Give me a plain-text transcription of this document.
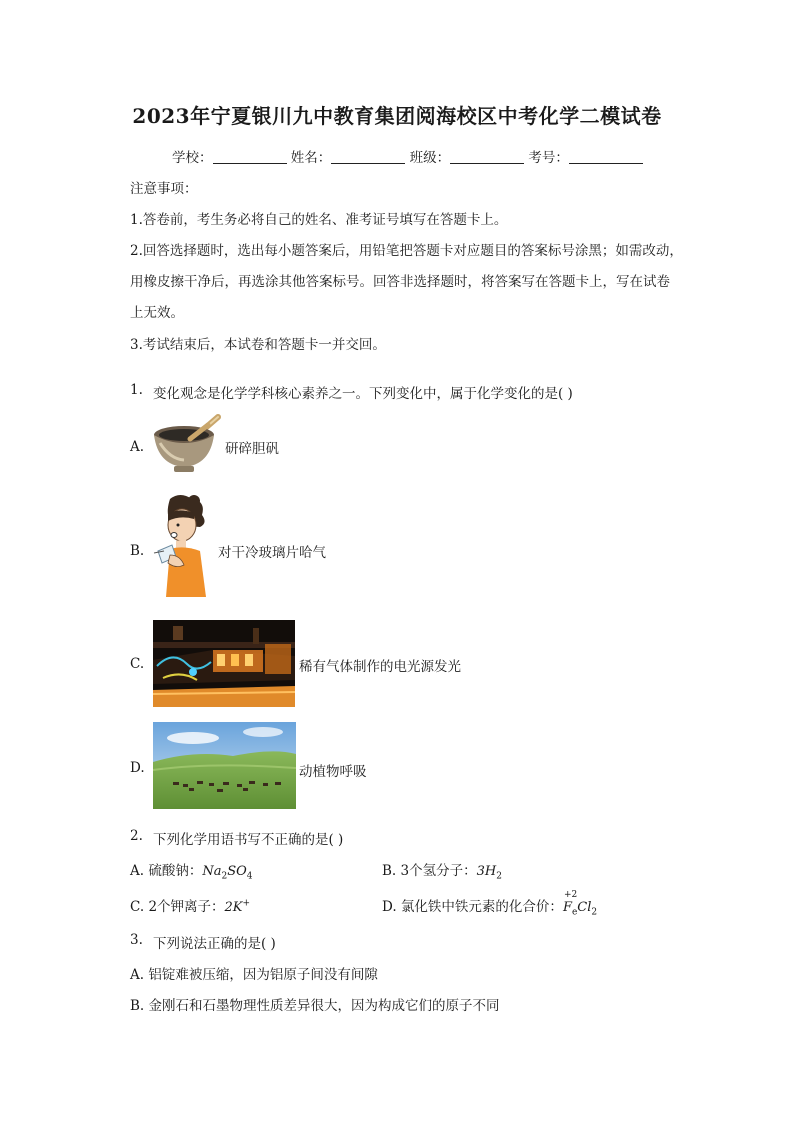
2023年宁夏银川九中教育集团阅海校区中考化学二模试卷
学校：	姓名：	班级：	考号：
注意事项：
1.答卷前，考生务必将自己的姓名、准考证号填写在答题卡上。
2.回答选择题时，选出每小题答案后，用铅笔把答题卡对应题目的答案标号涂黑；如需改动，
用橡皮擦干净后，再选涂其他答案标号。回答非选择题时，将答案写在答题卡上，写在试卷
上无效。
3.考试结束后，本试卷和答题卡一并交回。
1. 变化观念是化学学科核心素养之一。下列变化中，属于化学变化的是( )
A.	研碎胆矾
B.	对干冷玻璃片哈气
C.	稀有气体制作的电光源发光
D.	动植物呼吸
2. 下列化学用语书写不正确的是( )
A. 硫酸钠：$Na_2SO_4$	B. 3个氢分子：$3H_2$
C. 2个钾离子：2K+	D. 氯化铁中铁元素的化合价：
+2
$F_eCl_2$
3. 下列说法正确的是( )
A. 铝锭难被压缩，因为铝原子间没有间隙
B. 金刚石和石墨物理性质差异很大，因为构成它们的原子不同
